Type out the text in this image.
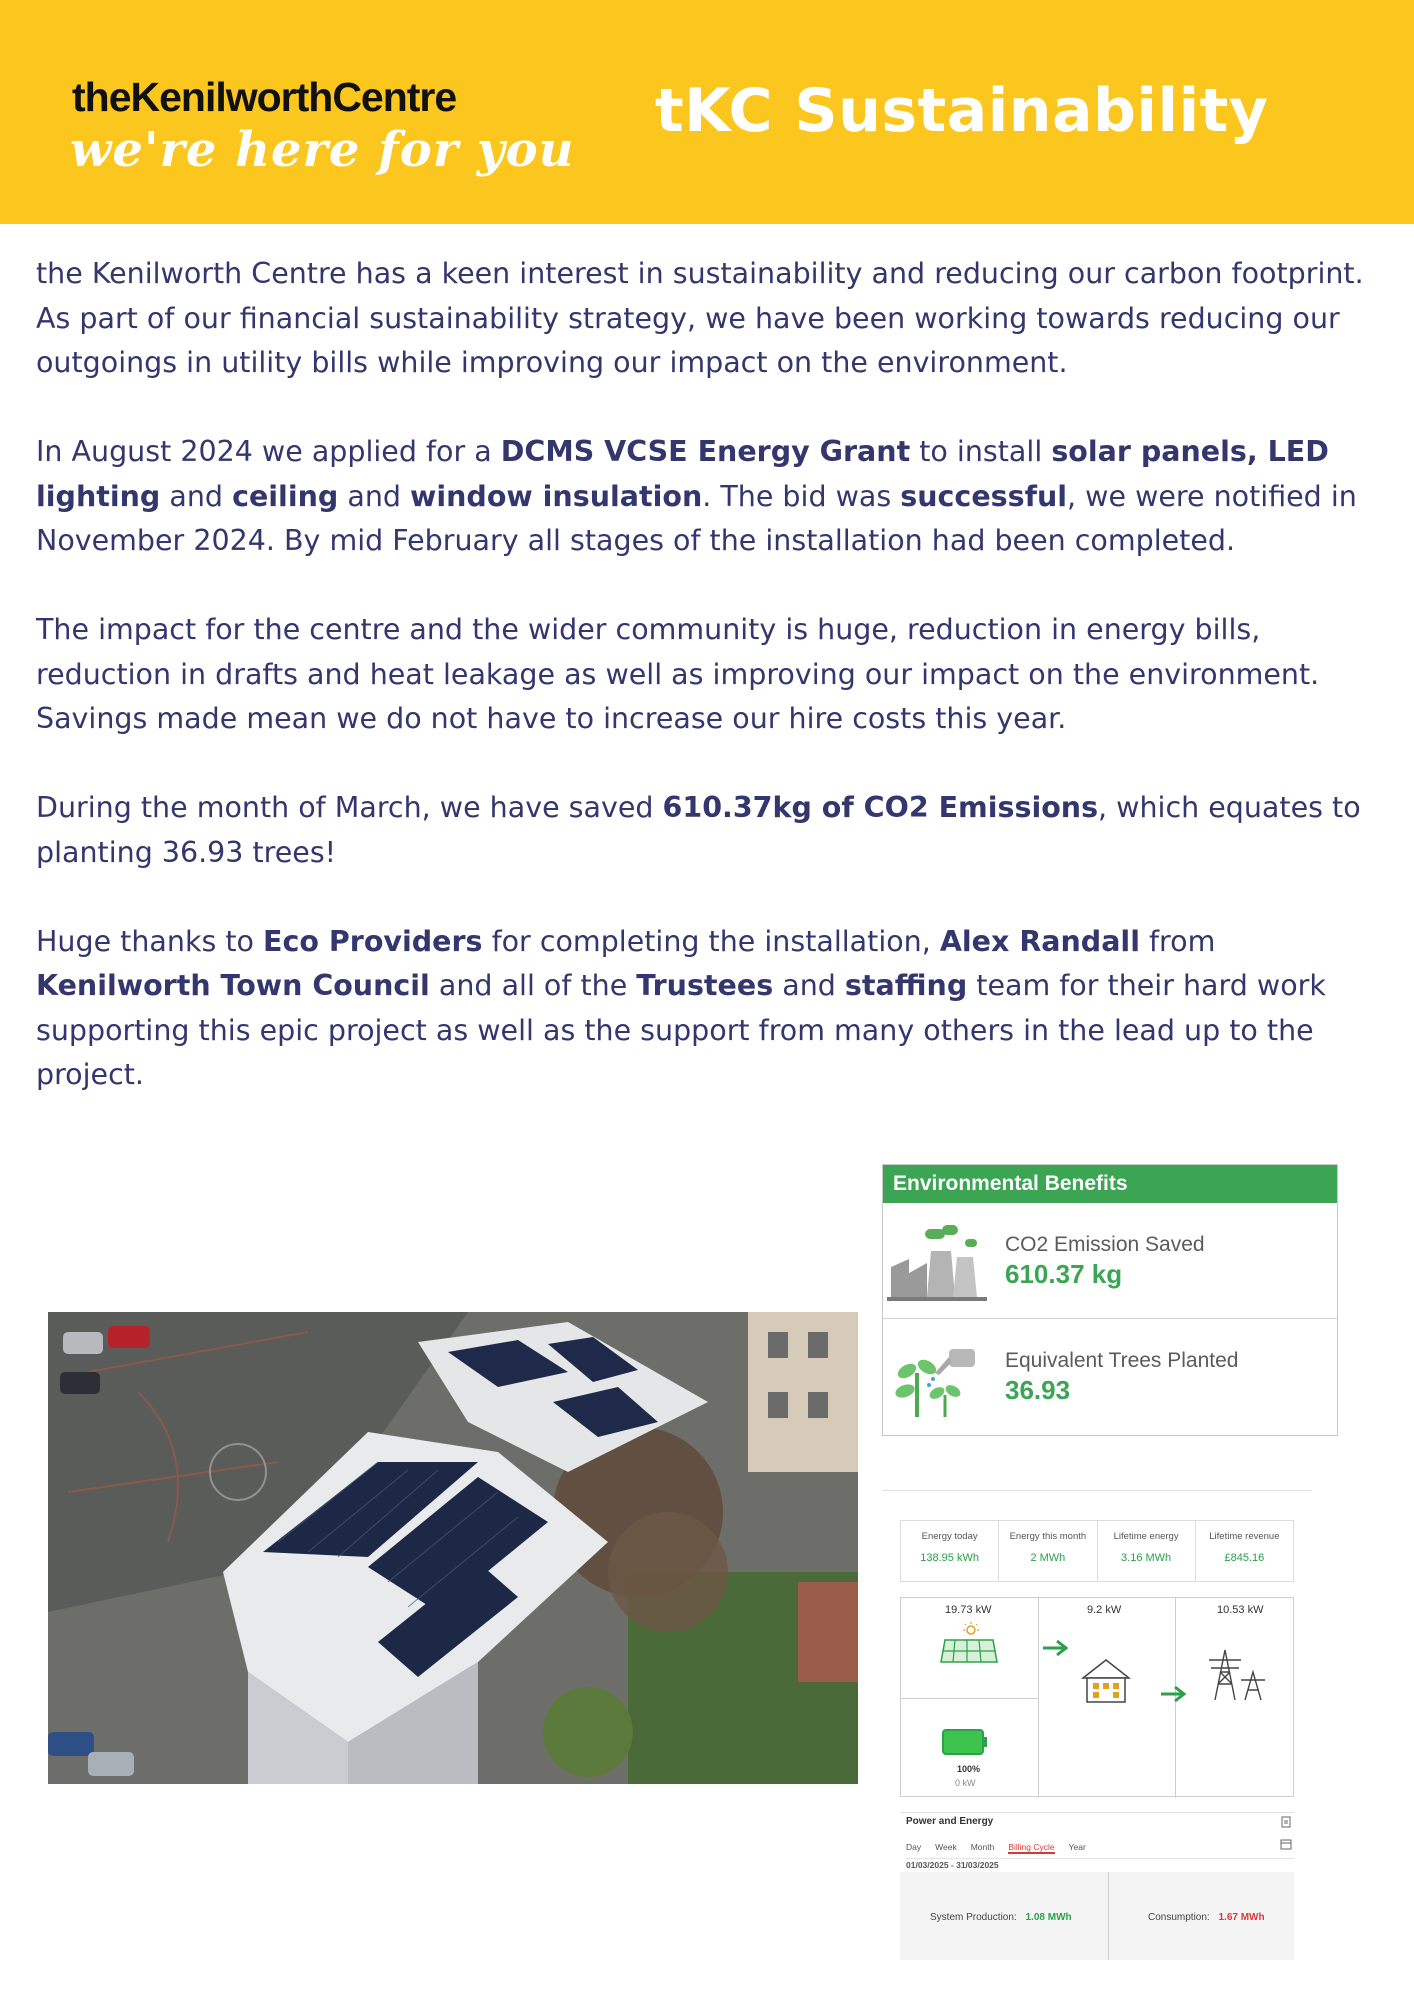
theKenilworthCentre
we're here for you
tKC Sustainability

the Kenilworth Centre has a keen interest in sustainability and reducing our carbon footprint. As part of our financial sustainability strategy, we have been working towards reducing our outgoings in utility bills while improving our impact on the environment.

In August 2024 we applied for a DCMS VCSE Energy Grant to install solar panels, LED lighting and ceiling and window insulation. The bid was successful, we were notified in November 2024. By mid February all stages of the installation had been completed.

The impact for the centre and the wider community is huge, reduction in energy bills, reduction in drafts and heat leakage as well as improving our impact on the environment. Savings made mean we do not have to increase our hire costs this year.

During the month of March, we have saved 610.37kg of CO2 Emissions, which equates to planting 36.93 trees!

Huge thanks to Eco Providers for completing the installation, Alex Randall from Kenilworth Town Council and all of the Trustees and staffing team for their hard work supporting this epic project as well as the support from many others in the lead up to the project.

Environmental Benefits
CO2 Emission Saved
610.37 kg
Equivalent Trees Planted
36.93
Energy today
138.95 kWh
Energy this month
2 MWh
Lifetime energy
3.16 MWh
Lifetime revenue
£845.16
19.73 kW	9.2 kW	10.53 kW
100%
0 kW
Power and Energy
Day Week Month Billing Cycle Year
01/03/2025 - 31/03/2025
System Production: 1.08 MWh	Consumption: 1.67 MWh
